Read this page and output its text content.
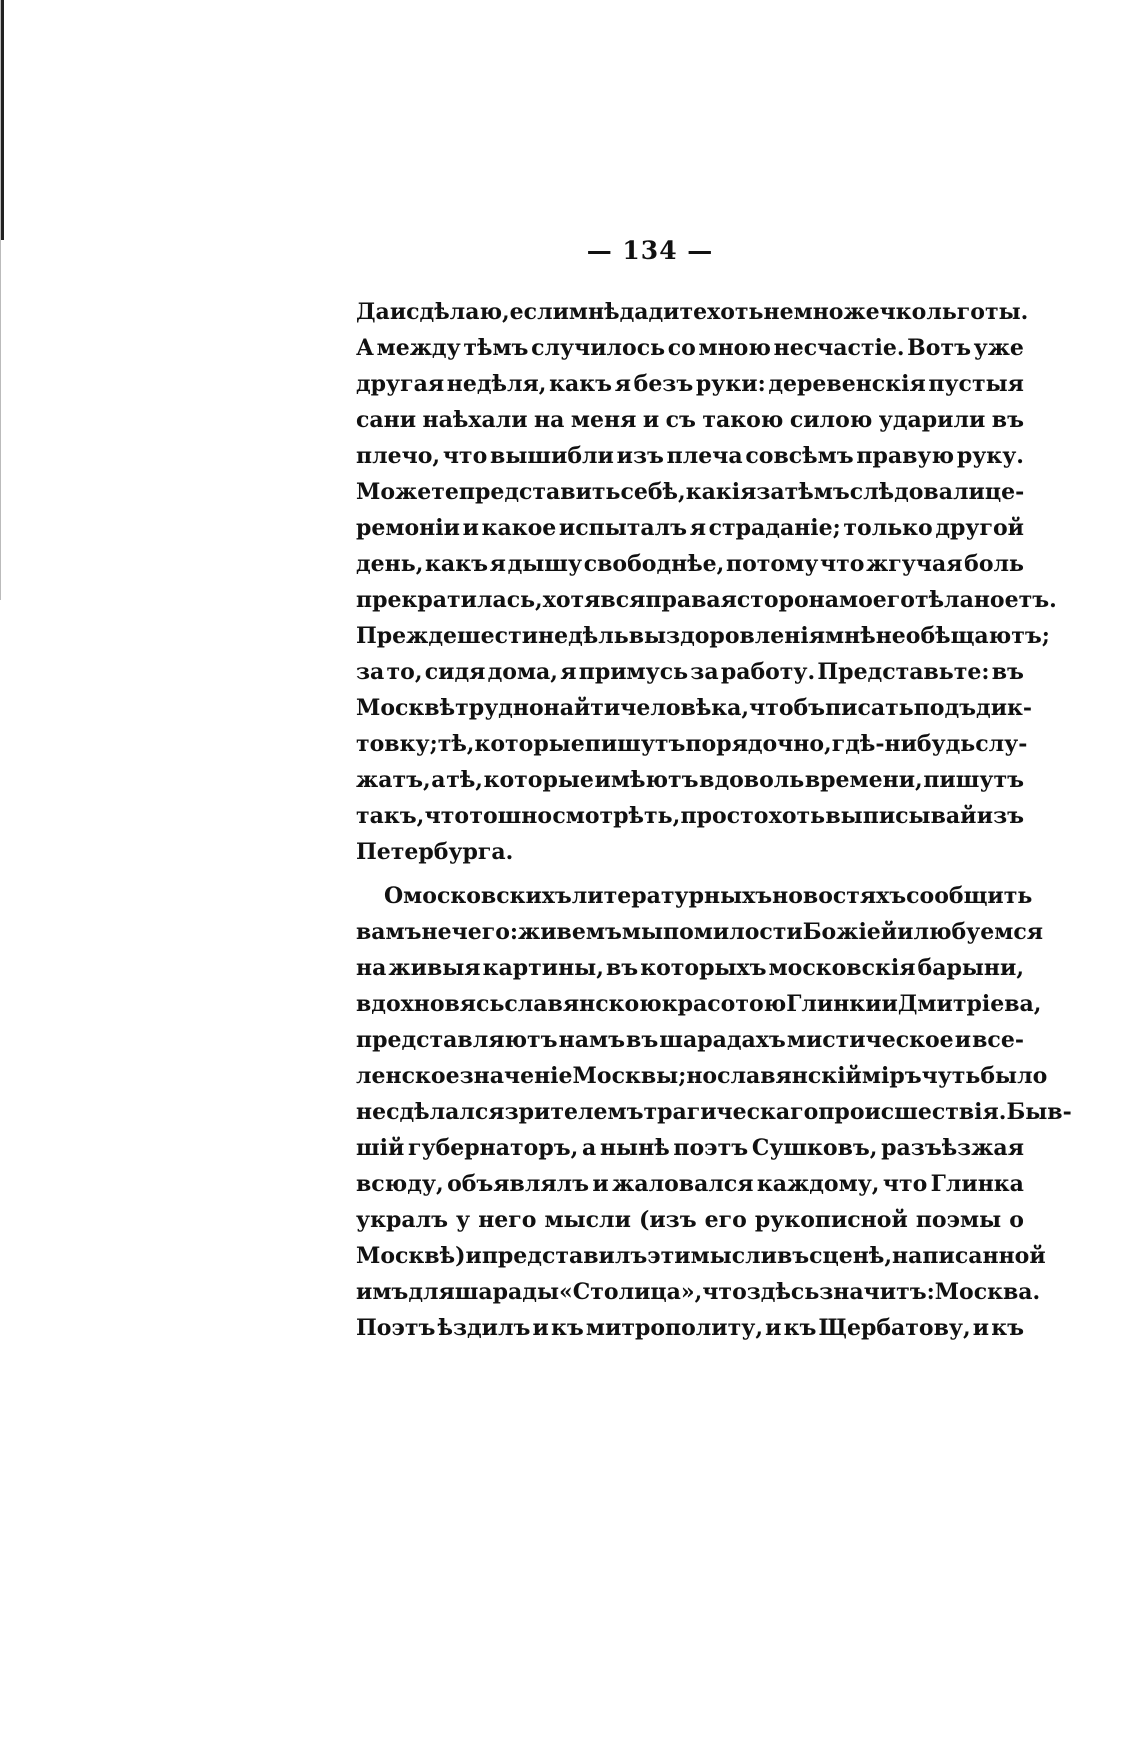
— 134 —
Да и сдѣлаю, если мнѣ дадите хоть немножечко льготы.
А между тѣмъ случилось со мною несчастіе. Вотъ уже
другая недѣля, какъ я безъ руки: деревенскія пустыя
сани наѣхали на меня и съ такою силою ударили въ
плечо, что вышибли изъ плеча совсѣмъ правую руку.
Можете представить себѣ, какія затѣмъ слѣдовали це-
ремоніи и какое испыталъ я страданіе; только другой
день, какъ я дышу свободнѣе, потому что жгучая боль
прекратилась, хотя вся правая сторона моего тѣла ноетъ.
Прежде шести недѣль выздоровленія мнѣ не обѣщаютъ;
за то, сидя дома, я примусь за работу. Представьте: въ
Москвѣ трудно найти человѣка, чтобъ писать подъ дик-
товку; тѣ, которые пишутъ порядочно, гдѣ-нибудь слу-
жатъ, а тѣ, которые имѣютъ вдоволь времени, пишутъ
такъ, что тошно смотрѣть, просто хоть выписывай изъ
Петербурга.
О московскихъ литературныхъ новостяхъ сообщить
вамъ нечего: живемъ мы по милости Божіей и любуемся
на живыя картины, въ которыхъ московскія барыни,
вдохновясь славянскою красотою Глинки и Дмитріева,
представляютъ намъ въ шарадахъ мистическое и все-
ленское значеніе Москвы; но славянскій міръ чуть было
не сдѣлался зрителемъ трагическаго происшествія. Быв-
шій губернаторъ, а нынѣ поэтъ Сушковъ, разъѣзжая
всюду, объявлялъ и жаловался каждому, что Глинка
укралъ у него мысли (изъ его рукописной поэмы о
Москвѣ) и представилъ эти мысли въ сценѣ, написанной
имъ для шарады «Столица», что здѣсь значитъ: Москва.
Поэтъ ѣздилъ и къ митрополиту, и къ Щербатову, и къ
